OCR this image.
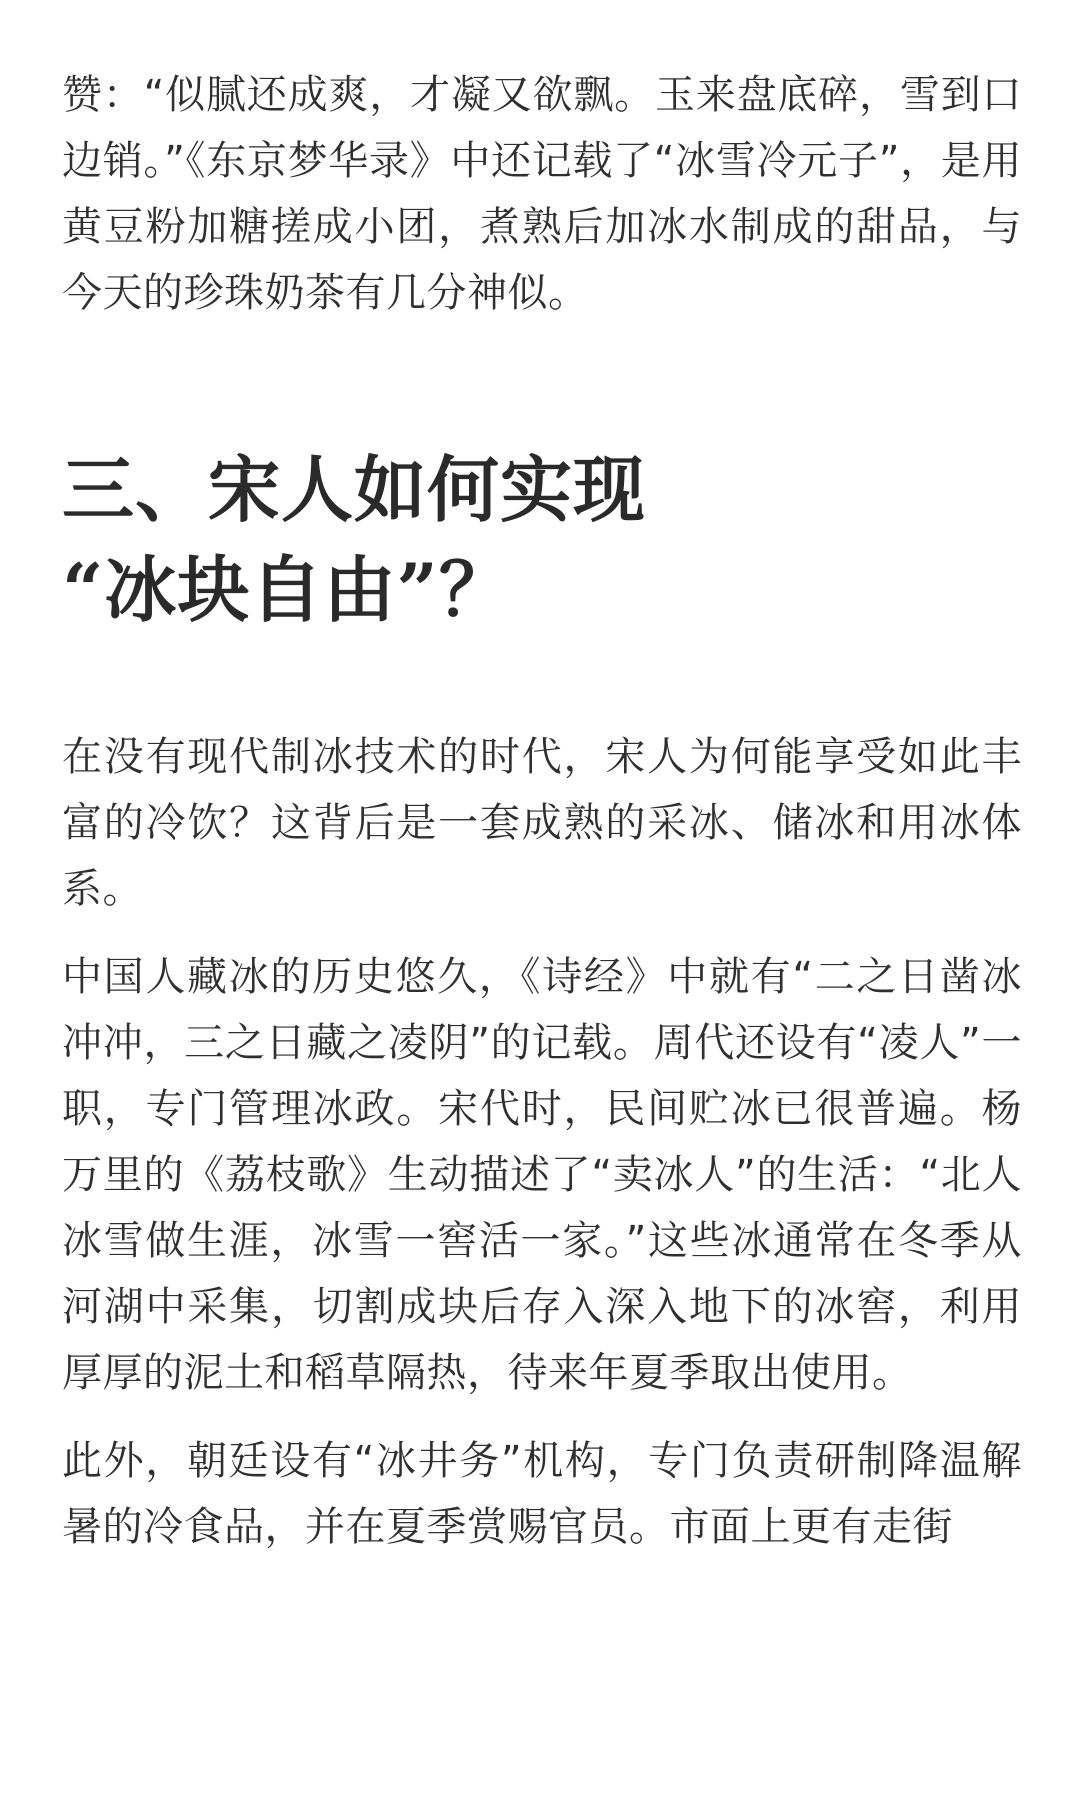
赞：“似腻还成爽，才凝又欲飘。玉来盘底碎，雪到口边销。”《东京梦华录》中还记载了“冰雪冷元子”，是用黄豆粉加糖搓成小团，煮熟后加冰水制成的甜品，与今天的珍珠奶茶有几分神似。

三、宋人如何实现
“冰块自由”？

在没有现代制冰技术的时代，宋人为何能享受如此丰富的冷饮？这背后是一套成熟的采冰、储冰和用冰体系。

中国人藏冰的历史悠久，《诗经》中就有“二之日凿冰冲冲，三之日藏之凌阴”的记载。周代还设有“凌人”一职，专门管理冰政。宋代时，民间贮冰已很普遍。杨万里的《荔枝歌》生动描述了“卖冰人”的生活：“北人冰雪做生涯，冰雪一窖活一家。”这些冰通常在冬季从河湖中采集，切割成块后存入深入地下的冰窖，利用厚厚的泥土和稻草隔热，待来年夏季取出使用。

此外，朝廷设有“冰井务”机构，专门负责研制降温解暑的冷食品，并在夏季赏赐官员。市面上更有走街
